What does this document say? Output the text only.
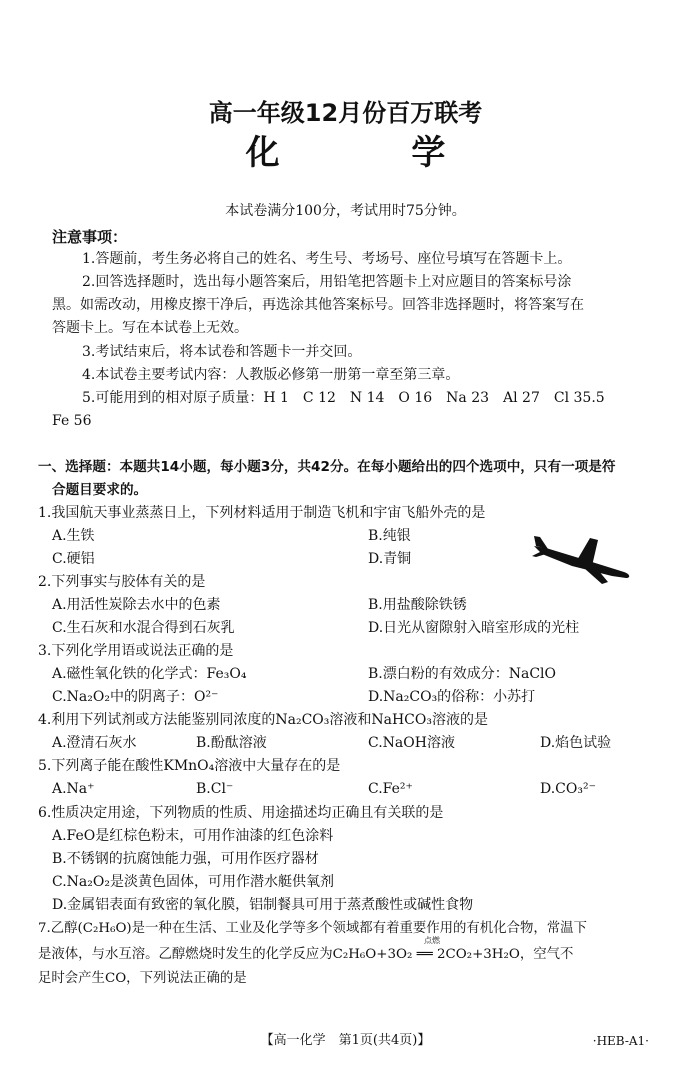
高一年级12月份百万联考
化 学
本试卷满分100分，考试用时75分钟。
注意事项：
1.答题前，考生务必将自己的姓名、考生号、考场号、座位号填写在答题卡上。
2.回答选择题时，选出每小题答案后，用铅笔把答题卡上对应题目的答案标号涂
黑。如需改动，用橡皮擦干净后，再选涂其他答案标号。回答非选择题时，将答案写在
答题卡上。写在本试卷上无效。
3.考试结束后，将本试卷和答题卡一并交回。
4.本试卷主要考试内容：人教版必修第一册第一章至第三章。
5.可能用到的相对原子质量：H 1　C 12　N 14　O 16　Na 23　Al 27　Cl 35.5
Fe 56
一、选择题：本题共14小题，每小题3分，共42分。在每小题给出的四个选项中，只有一项是符
合题目要求的。
1.我国航天事业蒸蒸日上，下列材料适用于制造飞机和宇宙飞船外壳的是
A.生铁	B.纯银
C.硬铝	D.青铜
2.下列事实与胶体有关的是
A.用活性炭除去水中的色素	B.用盐酸除铁锈
C.生石灰和水混合得到石灰乳	D.日光从窗隙射入暗室形成的光柱
3.下列化学用语或说法正确的是
A.磁性氧化铁的化学式：Fe₃O₄	B.漂白粉的有效成分：NaClO
C.Na₂O₂中的阴离子：O²⁻	D.Na₂CO₃的俗称：小苏打
4.利用下列试剂或方法能鉴别同浓度的Na₂CO₃溶液和NaHCO₃溶液的是
A.澄清石灰水	B.酚酞溶液	C.NaOH溶液	D.焰色试验
5.下列离子能在酸性KMnO₄溶液中大量存在的是
A.Na⁺	B.Cl⁻	C.Fe²⁺	D.CO₃²⁻
6.性质决定用途，下列物质的性质、用途描述均正确且有关联的是
A.FeO是红棕色粉末，可用作油漆的红色涂料
B.不锈钢的抗腐蚀能力强，可用作医疗器材
C.Na₂O₂是淡黄色固体，可用作潜水艇供氧剂
D.金属铝表面有致密的氧化膜，铝制餐具可用于蒸煮酸性或碱性食物
7.乙醇(C₂H₆O)是一种在生活、工业及化学等多个领域都有着重要作用的有机化合物，常温下
点燃
是液体，与水互溶。乙醇燃烧时发生的化学反应为C₂H₆O+3O₂ ══ 2CO₂+3H₂O，空气不
足时会产生CO，下列说法正确的是
【高一化学　第1页(共4页)】	·HEB-A1·
